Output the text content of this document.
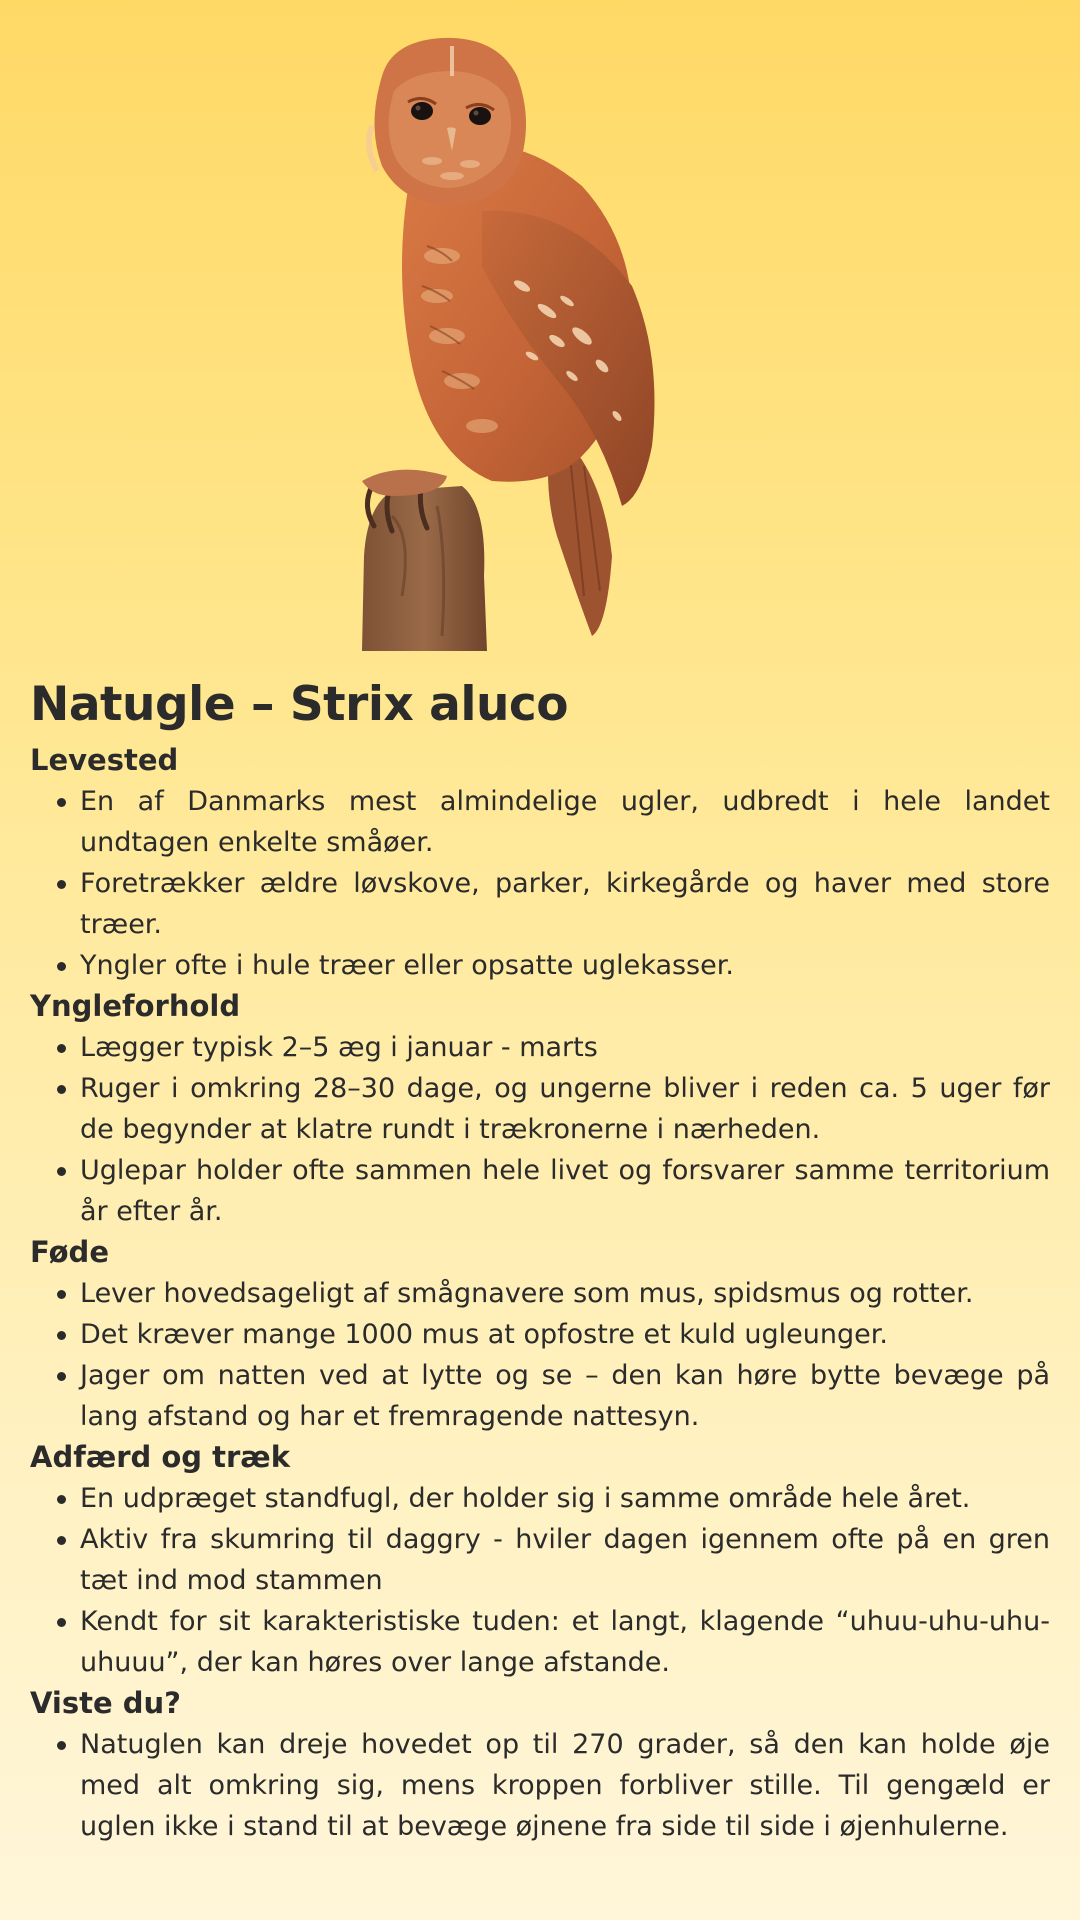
Natugle – Strix aluco
Levested
En af Danmarks mest almindelige ugler, udbredt i hele landet undtagen enkelte småøer.
Foretrækker ældre løvskove, parker, kirkegårde og haver med store træer.
Yngler ofte i hule træer eller opsatte uglekasser.
Yngleforhold
Lægger typisk 2–5 æg i januar - marts
Ruger i omkring 28–30 dage, og ungerne bliver i reden ca. 5 uger før de begynder at klatre rundt i trækronerne i nærheden.
Uglepar holder ofte sammen hele livet og forsvarer samme territorium år efter år.
Føde
Lever hovedsageligt af smågnavere som mus, spidsmus og rotter.
Det kræver mange 1000 mus at opfostre et kuld ugleunger.
Jager om natten ved at lytte og se – den kan høre bytte bevæge på lang afstand og har et fremragende nattesyn.
Adfærd og træk
En udpræget standfugl, der holder sig i samme område hele året.
Aktiv fra skumring til daggry - hviler dagen igennem ofte på en gren tæt ind mod stammen
Kendt for sit karakteristiske tuden: et langt, klagende “uhuu-uhu-uhu-uhuuu”, der kan høres over lange afstande.
Viste du?
Natuglen kan dreje hovedet op til 270 grader, så den kan holde øje med alt omkring sig, mens kroppen forbliver stille. Til gengæld er uglen ikke i stand til at bevæge øjnene fra side til side i øjenhulerne.
